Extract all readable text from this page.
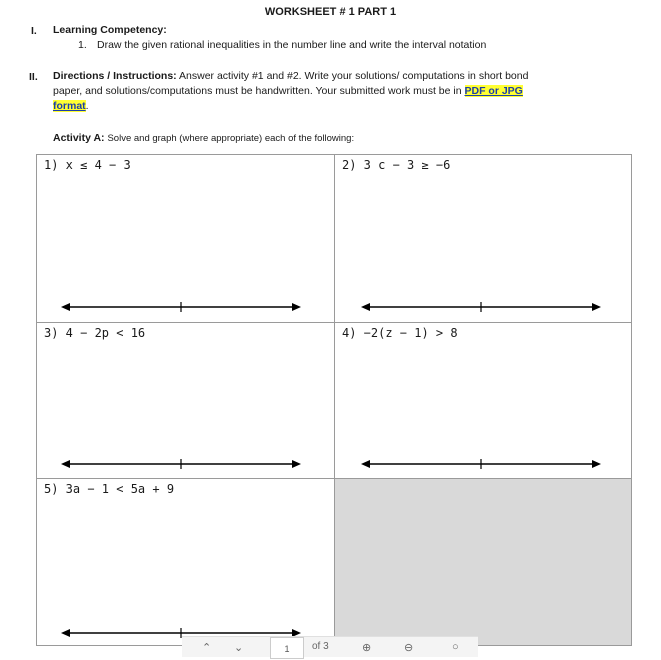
WORKSHEET # 1 PART 1
I. Learning Competency:
1. Draw the given rational inequalities in the number line and write the interval notation
II. Directions / Instructions: Answer activity #1 and #2. Write your solutions/ computations in short bond
paper, and solutions/computations must be handwritten. Your submitted work must be in PDF or JPG
format.
Activity A: Solve and graph (where appropriate) each of the following:
1) x ≤ 4 − 3	2) 3 c − 3 ≥ −6
3) 4 − 2p < 16	4) −2(z − 1) > 8
5) 3a − 1 < 5a + 9
⌃ ⌄	1	of 3	⊕	⊖	○
